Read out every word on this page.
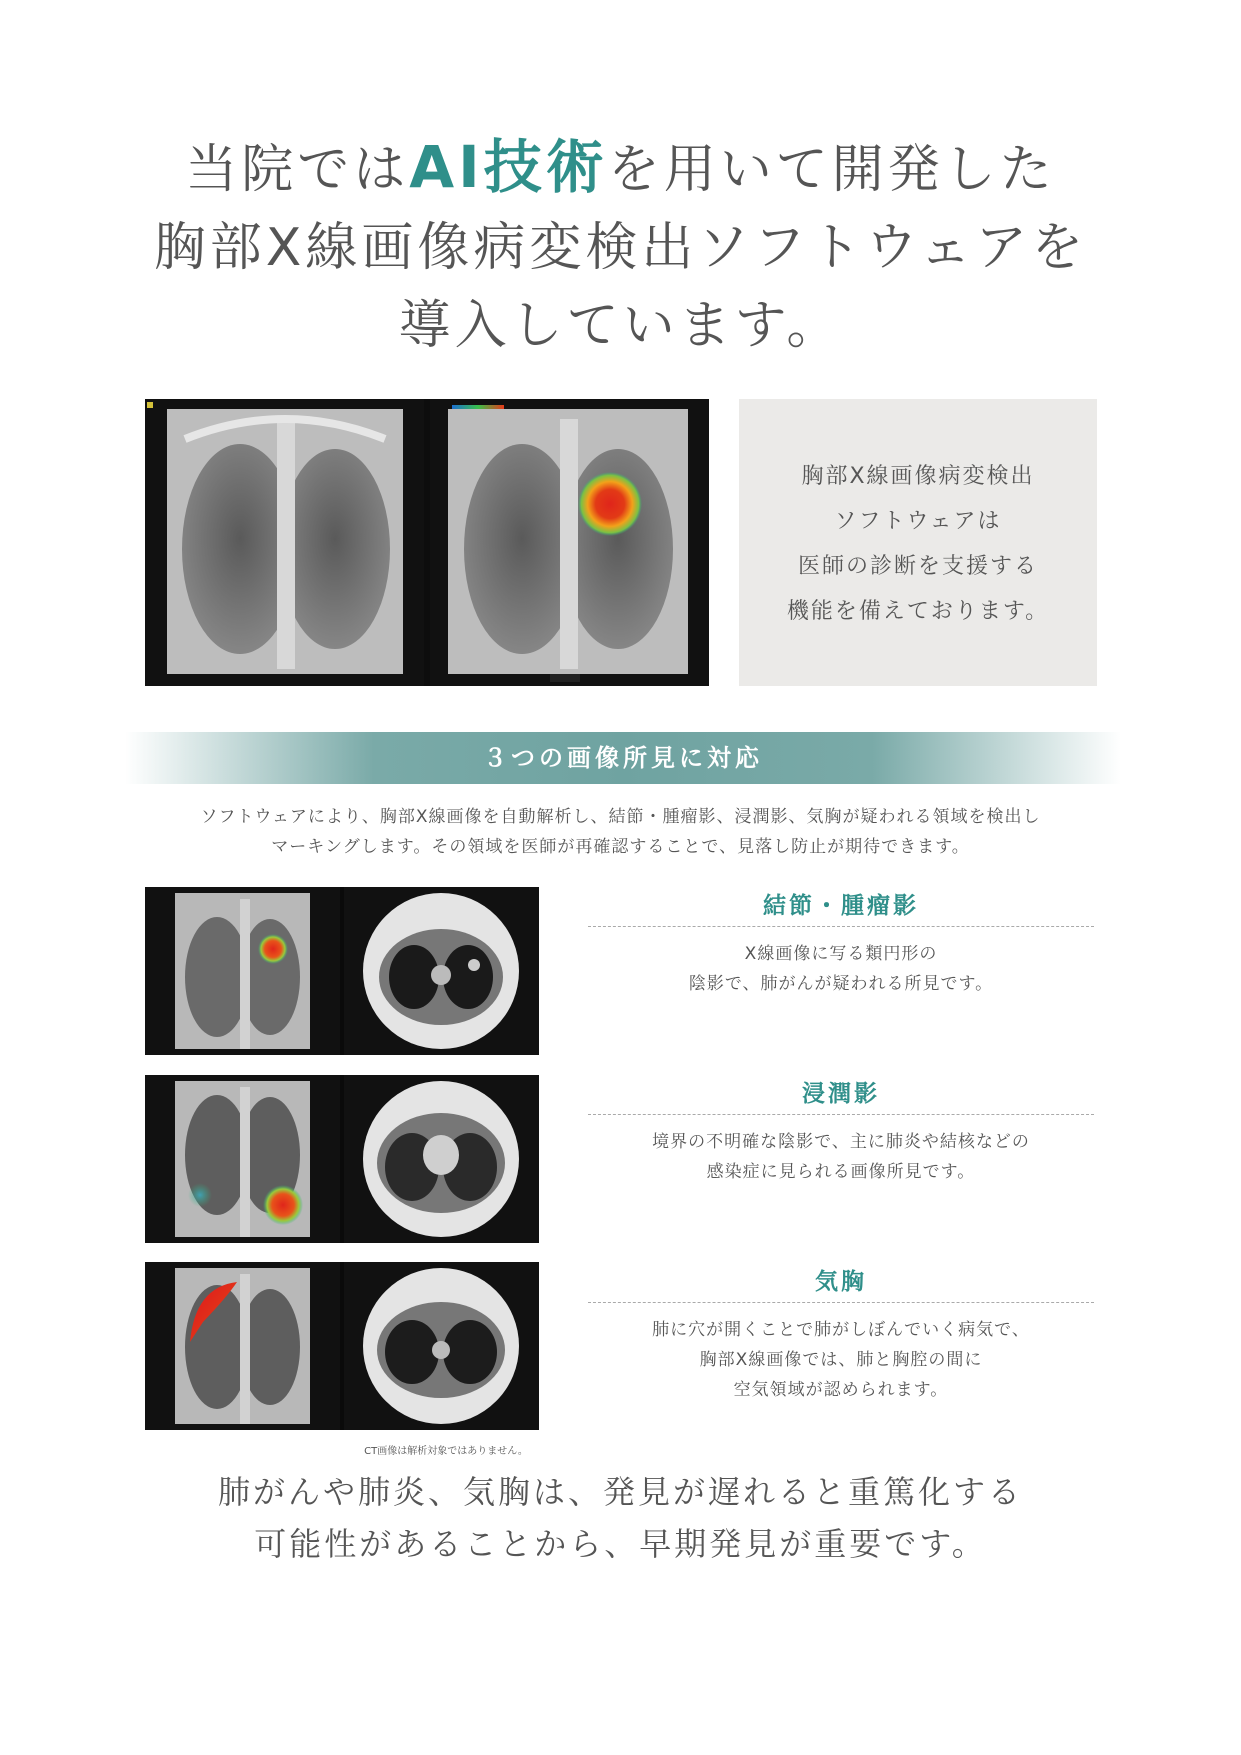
当院ではAI技術を用いて開発した
胸部X線画像病変検出ソフトウェアを
導入しています。
胸部X線画像病変検出
ソフトウェアは
医師の診断を支援する
機能を備えております。
３つの画像所見に対応
ソフトウェアにより、胸部X線画像を自動解析し、結節・腫瘤影、浸潤影、気胸が疑われる領域を検出し
マーキングします。その領域を医師が再確認することで、見落し防止が期待できます。
結節・腫瘤影
X線画像に写る類円形の
陰影で、肺がんが疑われる所見です。
浸潤影
境界の不明確な陰影で、主に肺炎や結核などの
感染症に見られる画像所見です。
気胸
肺に穴が開くことで肺がしぼんでいく病気で、
胸部X線画像では、肺と胸腔の間に
空気領域が認められます。
CT画像は解析対象ではありません。
肺がんや肺炎、気胸は、発見が遅れると重篤化する
可能性があることから、早期発見が重要です。
